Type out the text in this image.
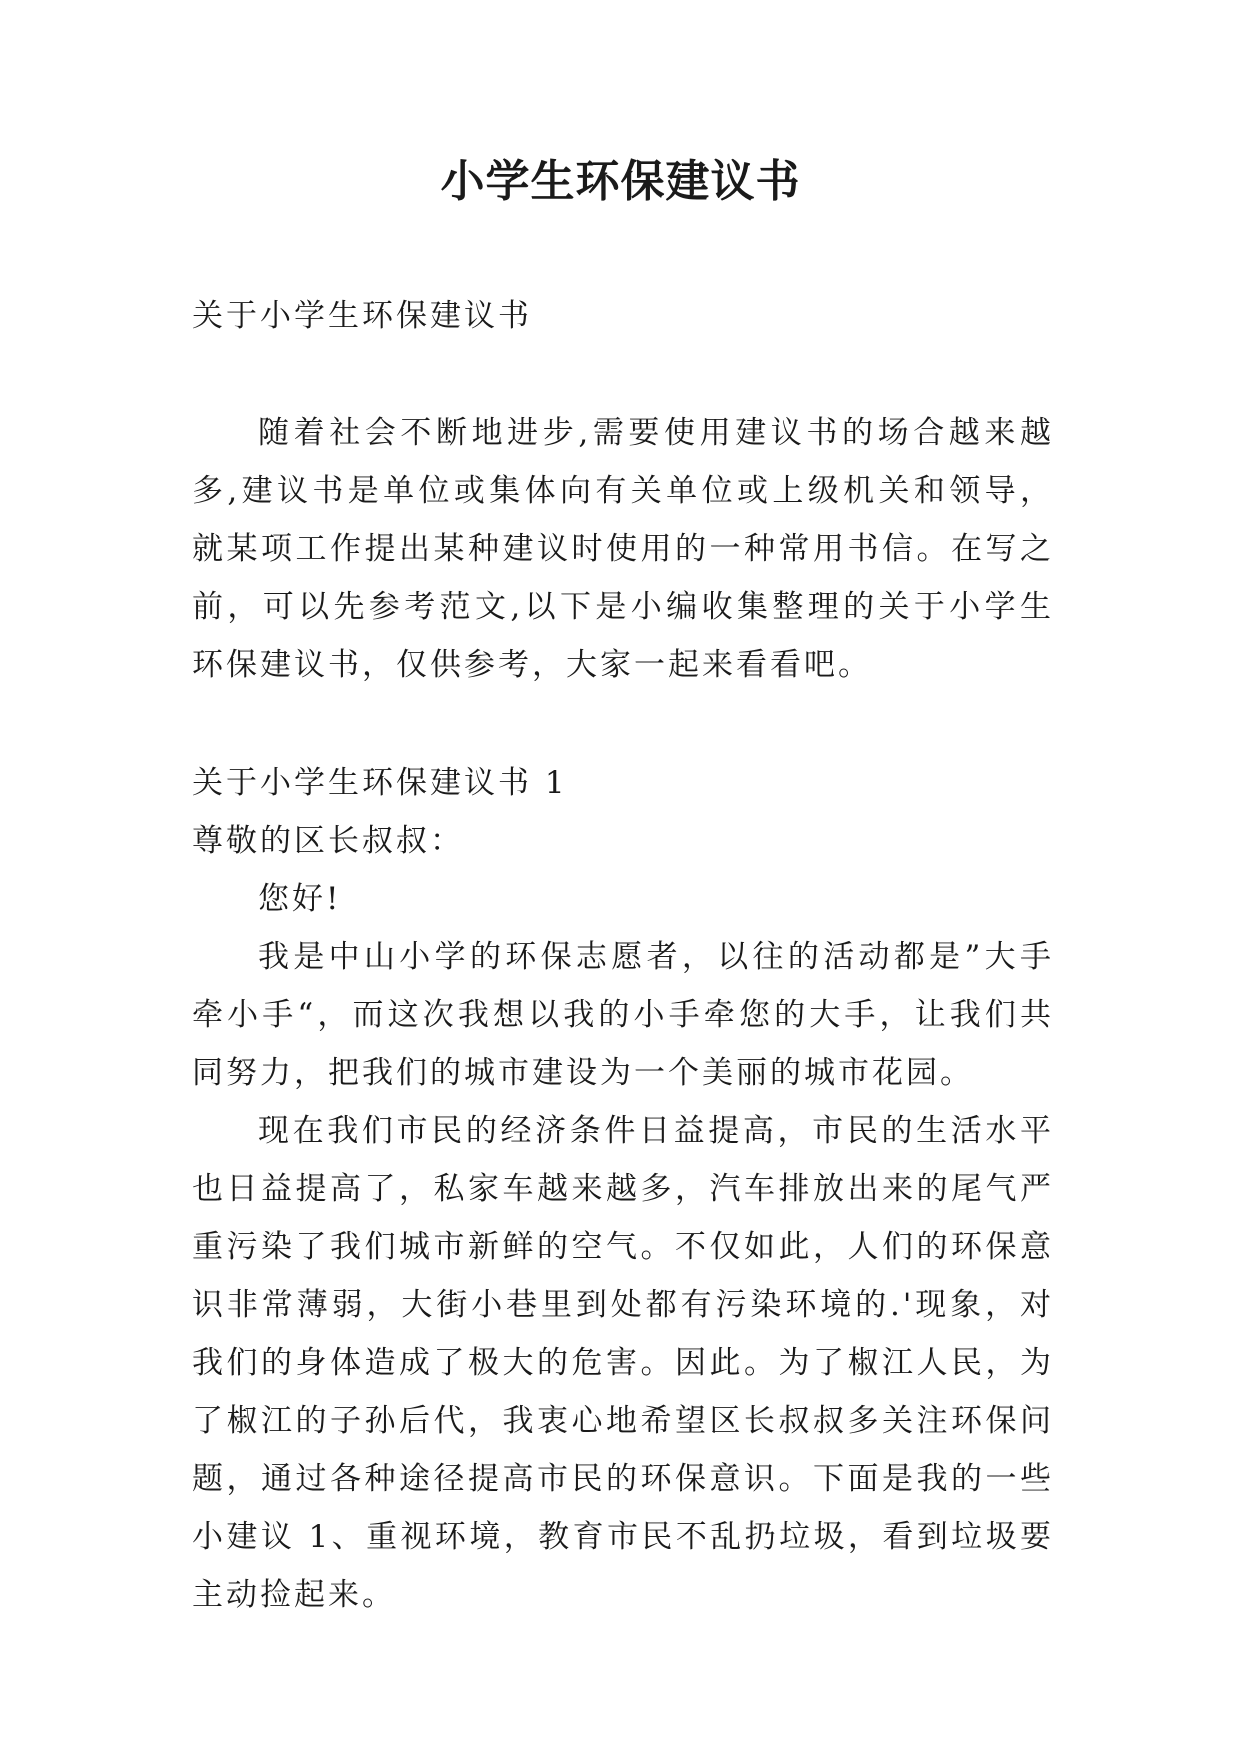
小学生环保建议书

关于小学生环保建议书

随着社会不断地进步,需要使用建议书的场合越来越多,建议书是单位或集体向有关单位或上级机关和领导，就某项工作提出某种建议时使用的一种常用书信。在写之前，可以先参考范文,以下是小编收集整理的关于小学生环保建议书，仅供参考，大家一起来看看吧。

关于小学生环保建议书 1

尊敬的区长叔叔：

您好!

我是中山小学的环保志愿者，以往的活动都是”大手牵小手“，而这次我想以我的小手牵您的大手，让我们共同努力，把我们的城市建设为一个美丽的城市花园。

现在我们市民的经济条件日益提高，市民的生活水平也日益提高了，私家车越来越多，汽车排放出来的尾气严重污染了我们城市新鲜的空气。不仅如此，人们的环保意识非常薄弱，大街小巷里到处都有污染环境的.'现象，对我们的身体造成了极大的危害。因此。为了椒江人民，为了椒江的子孙后代，我衷心地希望区长叔叔多关注环保问题，通过各种途径提高市民的环保意识。下面是我的一些小建议 1、重视环境，教育市民不乱扔垃圾，看到垃圾要主动捡起来。
